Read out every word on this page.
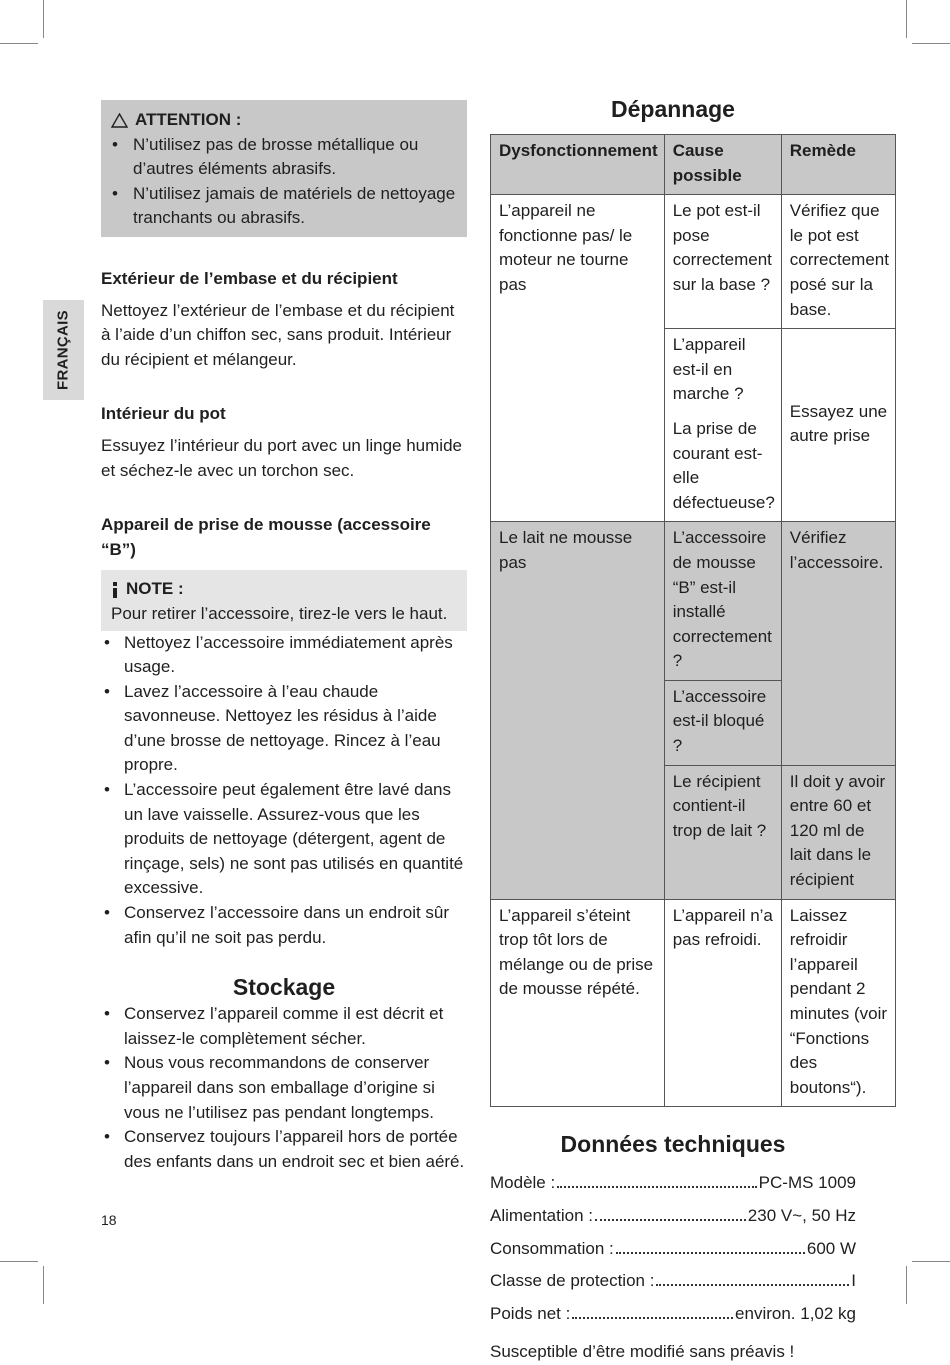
FRANÇAIS
ATTENTION :
• N’utilisez pas de brosse métallique ou d’autres éléments abrasifs.
• N’utilisez jamais de matériels de nettoyage tranchants ou abrasifs.
Extérieur de l’embase et du récipient
Nettoyez l’extérieur de l’embase et du récipient à l’aide d’un chiffon sec, sans produit. Intérieur du récipient et mélangeur.
Intérieur du pot
Essuyez l’intérieur du port avec un linge humide et séchez-le avec un torchon sec.
Appareil de prise de mousse (accessoire “B”)
NOTE :
Pour retirer l’accessoire, tirez-le vers le haut.
• Nettoyez l’accessoire immédiatement après usage.
• Lavez l’accessoire à l’eau chaude savonneuse. Nettoyez les résidus à l’aide d’une brosse de nettoyage. Rincez à l’eau propre.
• L’accessoire peut également être lavé dans un lave vaisselle. Assurez-vous que les produits de nettoyage (détergent, agent de rinçage, sels) ne sont pas utilisés en quantité excessive.
• Conservez l’accessoire dans un endroit sûr afin qu’il ne soit pas perdu.
Stockage
• Conservez l’appareil comme il est décrit et laissez-le complètement sécher.
• Nous vous recommandons de conserver l’appareil dans son emballage d’origine si vous ne l’utilisez pas pendant longtemps.
• Conservez toujours l’appareil hors de portée des enfants dans un endroit sec et bien aéré.
Dépannage
Dysfonctionnement	Cause possible	Remède
L’appareil ne fonctionne pas/ le moteur ne tourne pas	Le pot est-il pose correctement sur la base ?	Vérifiez que le pot est correctement posé sur la base.
	L’appareil est-il en marche ?	Essayez une autre prise
	La prise de courant est-elle défectueuse?	
Le lait ne mousse pas	L’accessoire de mousse “B” est-il installé correctement ?	Vérifiez l’accessoire.
	L’accessoire est-il bloqué ?	
	Le récipient contient-il trop de lait ?	Il doit y avoir entre 60 et 120 ml de lait dans le récipient
L’appareil s’éteint trop tôt lors de mélange ou de prise de mousse répété.	L’appareil n’a pas refroidi.	Laissez refroidir l’appareil pendant 2 minutes (voir “Fonctions des boutons“).
Données techniques
Modèle :	PC-MS 1009
Alimentation :	230 V~, 50 Hz
Consommation :	600 W
Classe de protection :	I
Poids net :	environ. 1,02 kg
Susceptible d’être modifié sans préavis !
18
